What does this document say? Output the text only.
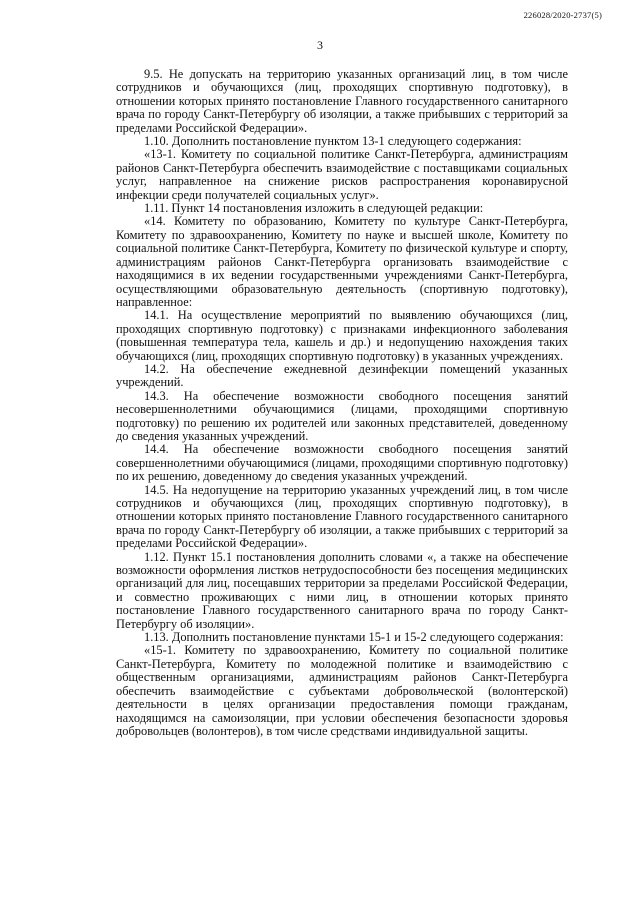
226028/2020-2737(5)
3

9.5. Не допускать на территорию указанных организаций лиц, в том числе сотрудников и обучающихся (лиц, проходящих спортивную подготовку), в отношении которых принято постановление Главного государственного санитарного врача по городу Санкт-Петербургу об изоляции, а также прибывших с территорий за пределами Российской Федерации».

1.10. Дополнить постановление пунктом 13-1 следующего содержания:

«13-1. Комитету по социальной политике Санкт-Петербурга, администрациям районов Санкт-Петербурга обеспечить взаимодействие с поставщиками социальных услуг, направленное на снижение рисков распространения коронавирусной инфекции среди получателей социальных услуг».

1.11. Пункт 14 постановления изложить в следующей редакции:

«14. Комитету по образованию, Комитету по культуре Санкт-Петербурга, Комитету по здравоохранению, Комитету по науке и высшей школе, Комитету по социальной политике Санкт-Петербурга, Комитету по физической культуре и спорту, администрациям районов Санкт-Петербурга организовать взаимодействие с находящимися в их ведении государственными учреждениями Санкт-Петербурга, осуществляющими образовательную деятельность (спортивную подготовку), направленное:

14.1. На осуществление мероприятий по выявлению обучающихся (лиц, проходящих спортивную подготовку) с признаками инфекционного заболевания (повышенная температура тела, кашель и др.) и недопущению нахождения таких обучающихся (лиц, проходящих спортивную подготовку) в указанных учреждениях.

14.2. На обеспечение ежедневной дезинфекции помещений указанных учреждений.

14.3. На обеспечение возможности свободного посещения занятий несовершеннолетними обучающимися (лицами, проходящими спортивную подготовку) по решению их родителей или законных представителей, доведенному до сведения указанных учреждений.

14.4. На обеспечение возможности свободного посещения занятий совершеннолетними обучающимися (лицами, проходящими спортивную подготовку) по их решению, доведенному до сведения указанных учреждений.

14.5. На недопущение на территорию указанных учреждений лиц, в том числе сотрудников и обучающихся (лиц, проходящих спортивную подготовку), в отношении которых принято постановление Главного государственного санитарного врача по городу Санкт-Петербургу об изоляции, а также прибывших с территорий за пределами Российской Федерации».

1.12. Пункт 15.1 постановления дополнить словами «, а также на обеспечение возможности оформления листков нетрудоспособности без посещения медицинских организаций для лиц, посещавших территории за пределами Российской Федерации, и совместно проживающих с ними лиц, в отношении которых принято постановление Главного государственного санитарного врача по городу Санкт-Петербургу об изоляции».

1.13. Дополнить постановление пунктами 15-1 и 15-2 следующего содержания:

«15-1. Комитету по здравоохранению, Комитету по социальной политике Санкт-Петербурга, Комитету по молодежной политике и взаимодействию с общественным организациями, администрациям районов Санкт-Петербурга обеспечить взаимодействие с субъектами добровольческой (волонтерской) деятельности в целях организации предоставления помощи гражданам, находящимся на самоизоляции, при условии обеспечения безопасности здоровья добровольцев (волонтеров), в том числе средствами индивидуальной защиты.
